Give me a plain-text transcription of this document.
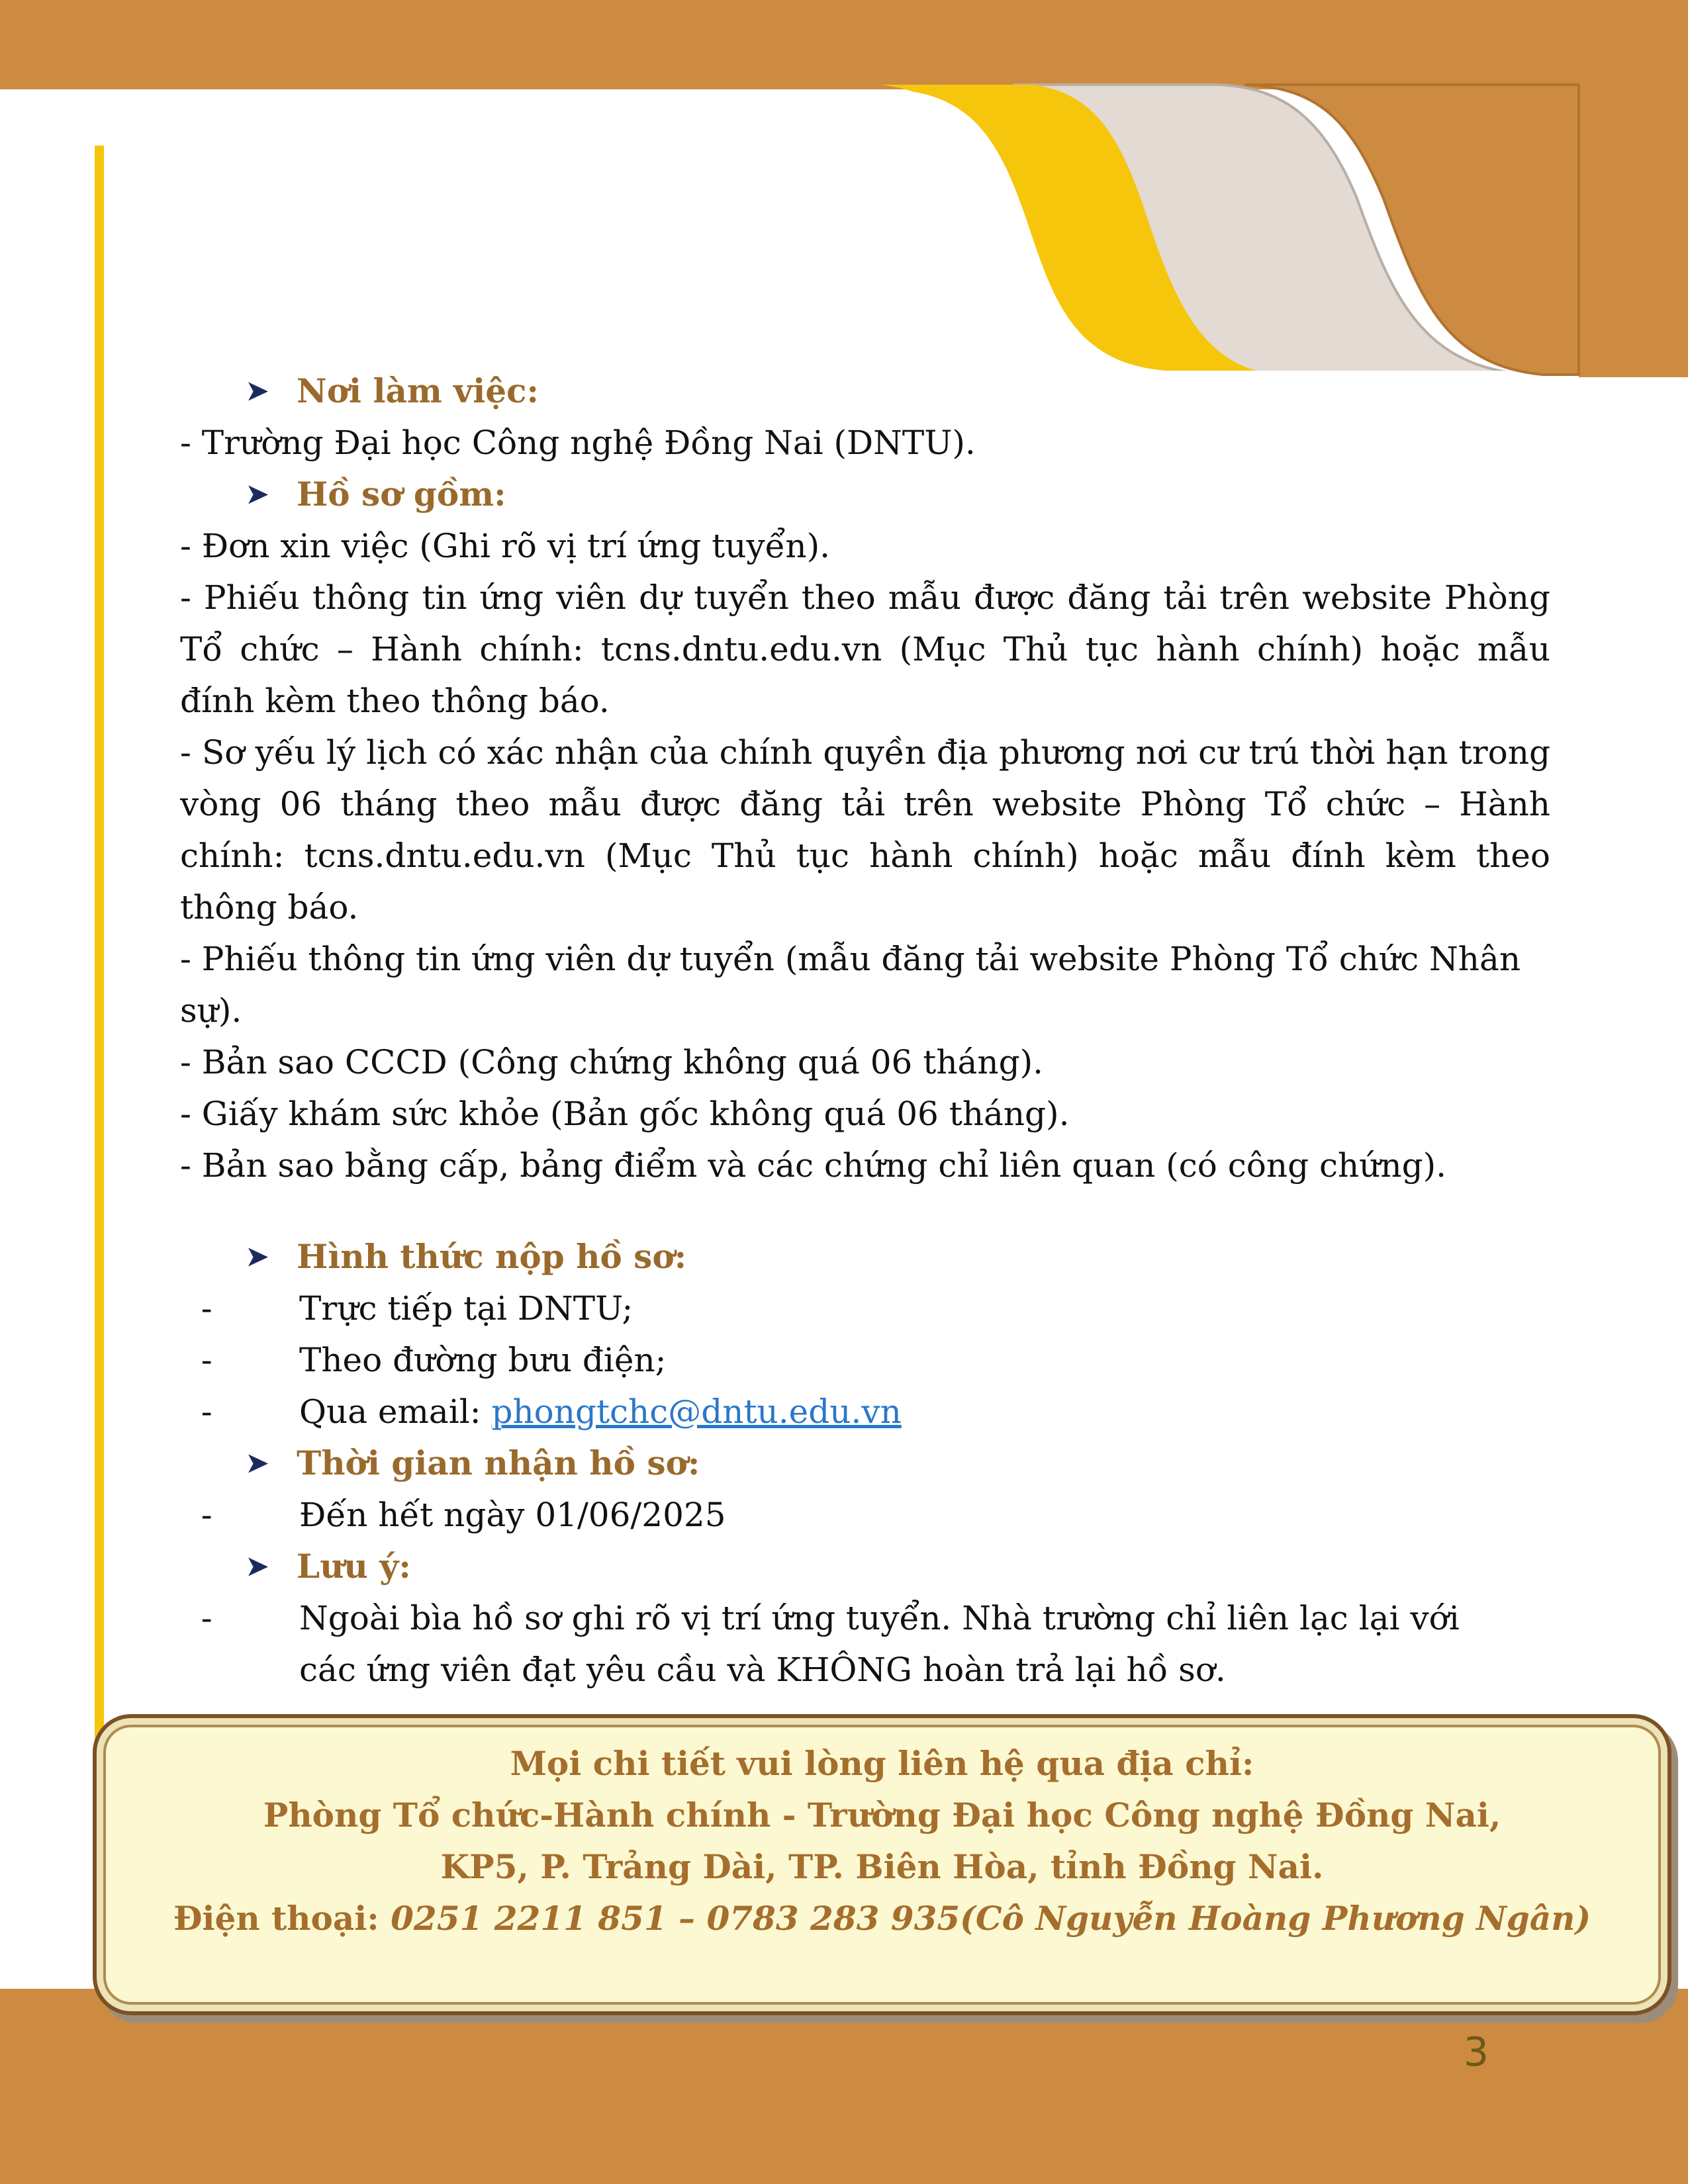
➤ Nơi làm việc:
- Trường Đại học Công nghệ Đồng Nai (DNTU).
➤ Hồ sơ gồm:
- Đơn xin việc (Ghi rõ vị trí ứng tuyển).
- Phiếu thông tin ứng viên dự tuyển theo mẫu được đăng tải trên website Phòng Tổ chức – Hành chính: tcns.dntu.edu.vn (Mục Thủ tục hành chính) hoặc mẫu đính kèm theo thông báo.
- Sơ yếu lý lịch có xác nhận của chính quyền địa phương nơi cư trú thời hạn trong vòng 06 tháng theo mẫu được đăng tải trên website Phòng Tổ chức – Hành chính: tcns.dntu.edu.vn (Mục Thủ tục hành chính) hoặc mẫu đính kèm theo thông báo.
- Phiếu thông tin ứng viên dự tuyển (mẫu đăng tải website Phòng Tổ chức Nhân sự).
- Bản sao CCCD (Công chứng không quá 06 tháng).
- Giấy khám sức khỏe (Bản gốc không quá 06 tháng).
- Bản sao bằng cấp, bảng điểm và các chứng chỉ liên quan (có công chứng).
➤ Hình thức nộp hồ sơ:
-	Trực tiếp tại DNTU;
-	Theo đường bưu điện;
-	Qua email: phongtchc@dntu.edu.vn
➤ Thời gian nhận hồ sơ:
-	Đến hết ngày 01/06/2025
➤ Lưu ý:
-	Ngoài bìa hồ sơ ghi rõ vị trí ứng tuyển. Nhà trường chỉ liên lạc lại với các ứng viên đạt yêu cầu và KHÔNG hoàn trả lại hồ sơ.
Mọi chi tiết vui lòng liên hệ qua địa chỉ:
Phòng Tổ chức-Hành chính - Trường Đại học Công nghệ Đồng Nai,
KP5, P. Trảng Dài, TP. Biên Hòa, tỉnh Đồng Nai.
Điện thoại: 0251 2211 851 – 0783 283 935(Cô Nguyễn Hoàng Phương Ngân)
3
